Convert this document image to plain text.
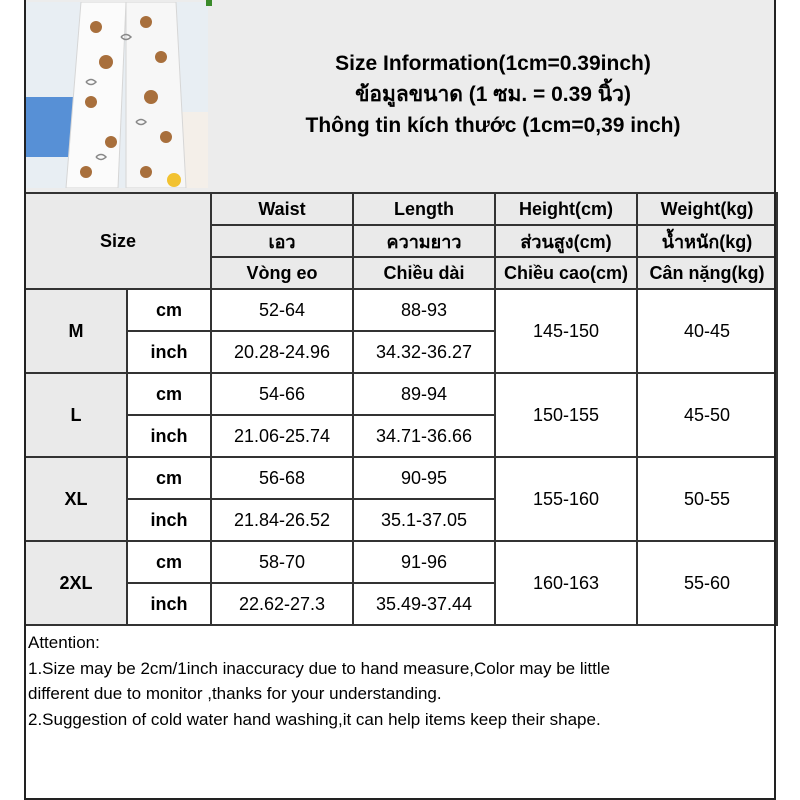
Size Information(1cm=0.39inch)
ข้อมูลขนาด (1 ซม. = 0.39 นิ้ว)
Thông tin kích thước (1cm=0,39 inch)
Size		Waist	Length	Height(cm)	Weight(kg)
		เอว	ความยาว	ส่วนสูง(cm)	น้ำหนัก(kg)
		Vòng eo	Chiều dài	Chiều cao(cm)	Cân nặng(kg)
M	cm	52-64	88-93	145-150	40-45
	inch	20.28-24.96	34.32-36.27		
L	cm	54-66	89-94	150-155	45-50
	inch	21.06-25.74	34.71-36.66		
XL	cm	56-68	90-95	155-160	50-55
	inch	21.84-26.52	35.1-37.05		
2XL	cm	58-70	91-96	160-163	55-60
	inch	22.62-27.3	35.49-37.44		
Attention:
1.Size may be 2cm/1inch inaccuracy due to hand measure,Color may be little
different due to monitor ,thanks for your understanding.
2.Suggestion of cold water hand washing,it can help items keep their shape.
